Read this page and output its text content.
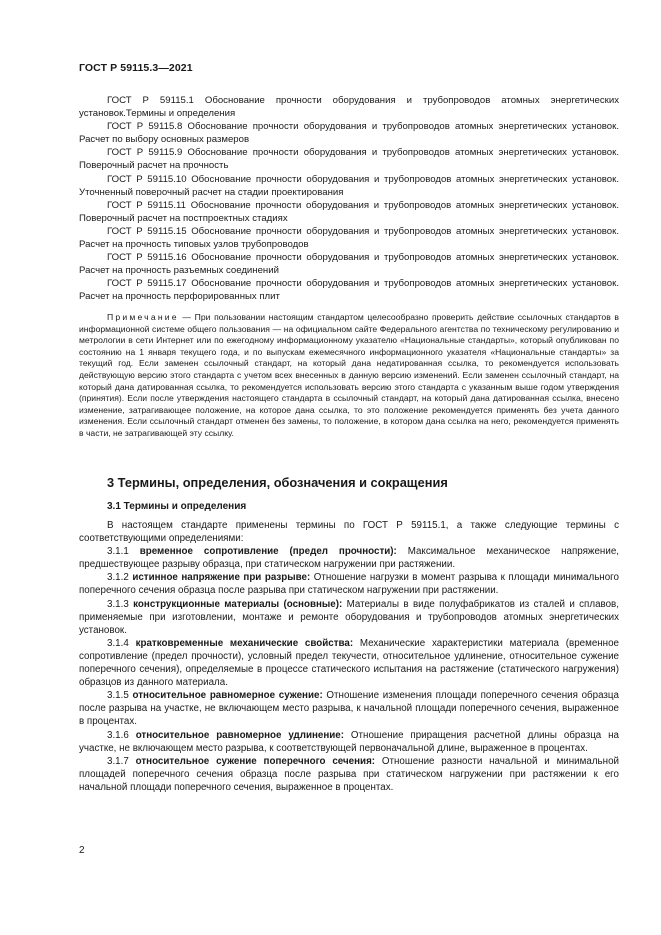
ГОСТ Р 59115.3—2021
ГОСТ Р 59115.1 Обоснование прочности оборудования и трубопроводов атомных энергетических установок.Термины и определения
ГОСТ Р 59115.8 Обоснование прочности оборудования и трубопроводов атомных энергетических установок. Расчет по выбору основных размеров
ГОСТ Р 59115.9 Обоснование прочности оборудования и трубопроводов атомных энергетических установок. Поверочный расчет на прочность
ГОСТ Р 59115.10 Обоснование прочности оборудования и трубопроводов атомных энергетических установок. Уточненный поверочный расчет на стадии проектирования
ГОСТ Р 59115.11 Обоснование прочности оборудования и трубопроводов атомных энергетических установок. Поверочный расчет на постпроектных стадиях
ГОСТ Р 59115.15 Обоснование прочности оборудования и трубопроводов атомных энергетических установок. Расчет на прочность типовых узлов трубопроводов
ГОСТ Р 59115.16 Обоснование прочности оборудования и трубопроводов атомных энергетических установок. Расчет на прочность разъемных соединений
ГОСТ Р 59115.17 Обоснование прочности оборудования и трубопроводов атомных энергетических установок. Расчет на прочность перфорированных плит
Примечание — При пользовании настоящим стандартом целесообразно проверить действие ссылочных стандартов в информационной системе общего пользования — на официальном сайте Федерального агентства по техническому регулированию и метрологии в сети Интернет или по ежегодному информационному указателю «Национальные стандарты», который опубликован по состоянию на 1 января текущего года, и по выпускам ежемесячного информационного указателя «Национальные стандарты» за текущий год. Если заменен ссылочный стандарт, на который дана недатированная ссылка, то рекомендуется использовать действующую версию этого стандарта с учетом всех внесенных в данную версию изменений. Если заменен ссылочный стандарт, на который дана датированная ссылка, то рекомендуется использовать версию этого стандарта с указанным выше годом утверждения (принятия). Если после утверждения настоящего стандарта в ссылочный стандарт, на который дана датированная ссылка, внесено изменение, затрагивающее положение, на которое дана ссылка, то это положение рекомендуется применять без учета данного изменения. Если ссылочный стандарт отменен без замены, то положение, в котором дана ссылка на него, рекомендуется применять в части, не затрагивающей эту ссылку.
3 Термины, определения, обозначения и сокращения
3.1 Термины и определения
В настоящем стандарте применены термины по ГОСТ Р 59115.1, а также следующие термины с соответствующими определениями:
3.1.1 временное сопротивление (предел прочности): Максимальное механическое напряжение, предшествующее разрыву образца, при статическом нагружении при растяжении.
3.1.2 истинное напряжение при разрыве: Отношение нагрузки в момент разрыва к площади минимального поперечного сечения образца после разрыва при статическом нагружении при растяжении.
3.1.3 конструкционные материалы (основные): Материалы в виде полуфабрикатов из сталей и сплавов, применяемые при изготовлении, монтаже и ремонте оборудования и трубопроводов атомных энергетических установок.
3.1.4 кратковременные механические свойства: Механические характеристики материала (временное сопротивление (предел прочности), условный предел текучести, относительное удлинение, относительное сужение поперечного сечения), определяемые в процессе статического испытания на растяжение (статического нагружения) образцов из данного материала.
3.1.5 относительное равномерное сужение: Отношение изменения площади поперечного сечения образца после разрыва на участке, не включающем место разрыва, к начальной площади поперечного сечения, выраженное в процентах.
3.1.6 относительное равномерное удлинение: Отношение приращения расчетной длины образца на участке, не включающем место разрыва, к соответствующей первоначальной длине, выраженное в процентах.
3.1.7 относительное сужение поперечного сечения: Отношение разности начальной и минимальной площадей поперечного сечения образца после разрыва при статическом нагружении при растяжении к его начальной площади поперечного сечения, выраженное в процентах.
2
